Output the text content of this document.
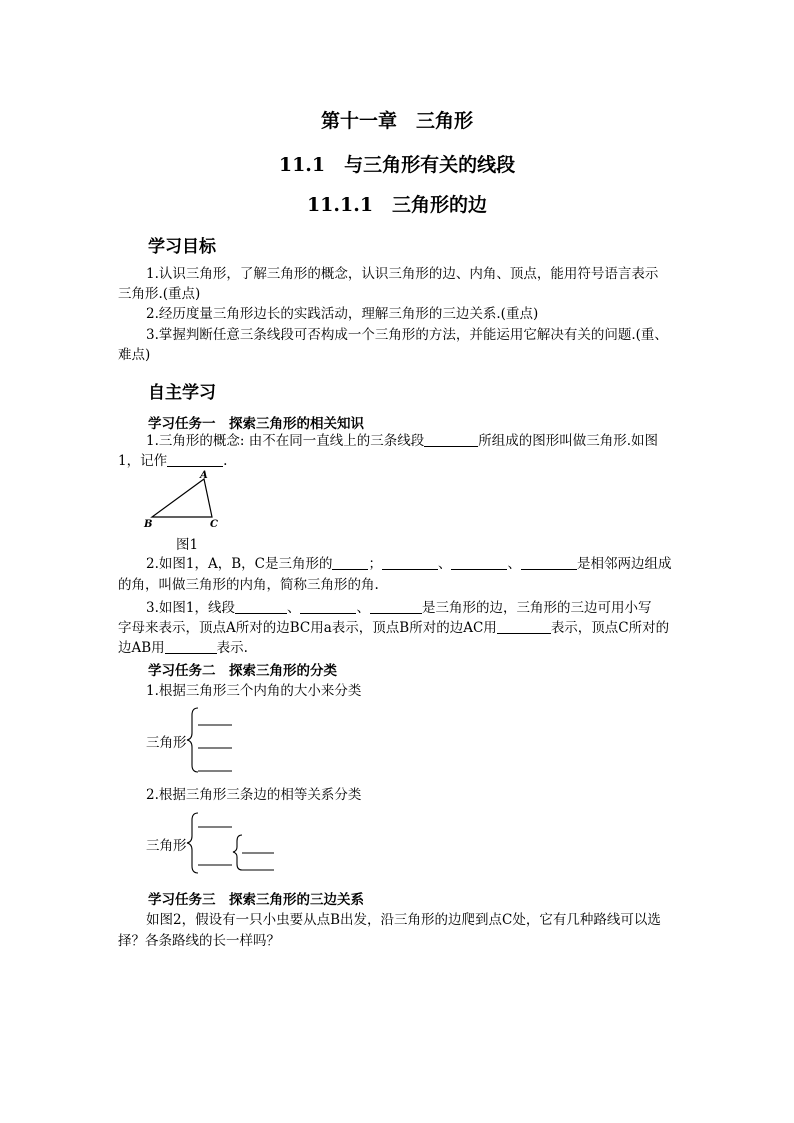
第十一章　三角形
11.1　与三角形有关的线段
11.1.1　三角形的边
学习目标
1.认识三角形，了解三角形的概念，认识三角形的边、内角、顶点，能用符号语言表示
三角形.(重点)
2.经历度量三角形边长的实践活动，理解三角形的三边关系.(重点)
3.掌握判断任意三条线段可否构成一个三角形的方法，并能运用它解决有关的问题.(重、
难点)
自主学习
学习任务一　探索三角形的相关知识
1.三角形的概念: 由不在同一直线上的三条线段	所组成的图形叫做三角形.如图
1，记作	.
A
B	C
图1
2.如图1，A，B，C是三角形的	；	、	、	是相邻两边组成
的角，叫做三角形的内角，简称三角形的角.
3.如图1，线段	、	、	是三角形的边，三角形的三边可用小写
字母来表示，顶点A所对的边BC用a表示，顶点B所对的边AC用	表示，顶点C所对的
边AB用	表示.
学习任务二　探索三角形的分类
1.根据三角形三个内角的大小来分类
三角形
2.根据三角形三条边的相等关系分类
三角形
学习任务三　探索三角形的三边关系
如图2，假设有一只小虫要从点B出发，沿三角形的边爬到点C处，它有几种路线可以选
择？各条路线的长一样吗？
